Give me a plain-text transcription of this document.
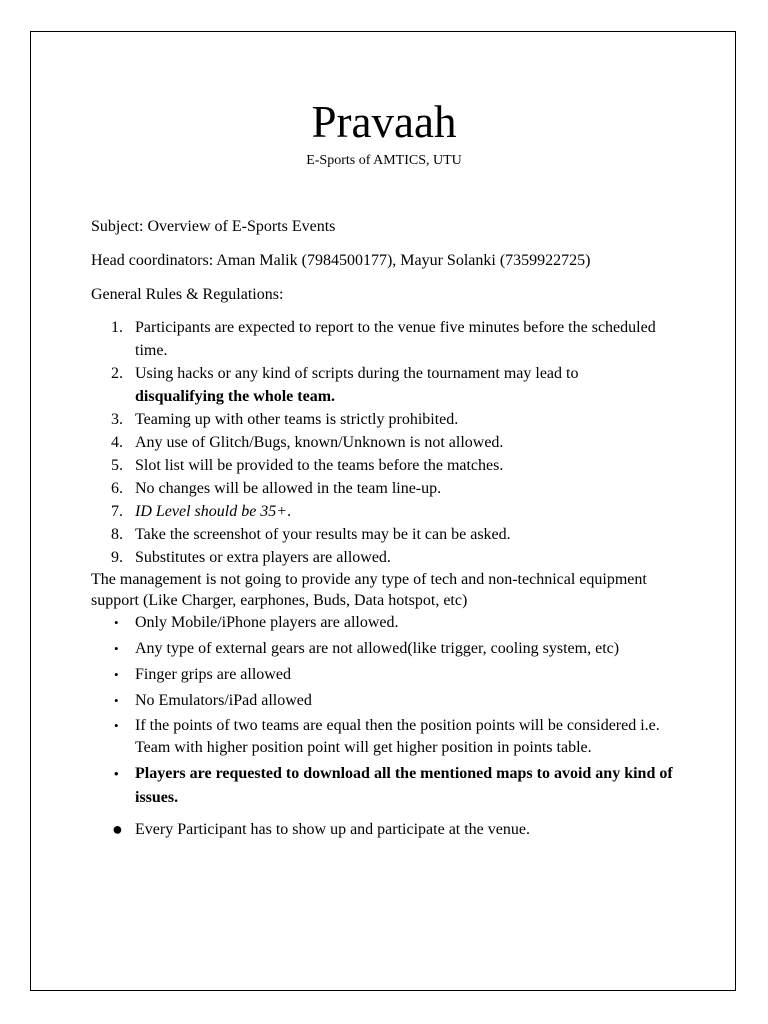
Pravaah
E-Sports of AMTICS, UTU

Subject: Overview of E-Sports Events

Head coordinators: Aman Malik (7984500177), Mayur Solanki (7359922725)

General Rules & Regulations:

1. Participants are expected to report to the venue five minutes before the scheduled time.
2. Using hacks or any kind of scripts during the tournament may lead to
disqualifying the whole team.
3. Teaming up with other teams is strictly prohibited.
4. Any use of Glitch/Bugs, known/Unknown is not allowed.
5. Slot list will be provided to the teams before the matches.
6. No changes will be allowed in the team line-up.
7. ID Level should be 35+.
8. Take the screenshot of your results may be it can be asked.
9. Substitutes or extra players are allowed.

The management is not going to provide any type of tech and non-technical equipment support (Like Charger, earphones, Buds, Data hotspot, etc)

• Only Mobile/iPhone players are allowed.
• Any type of external gears are not allowed(like trigger, cooling system, etc)
• Finger grips are allowed
• No Emulators/iPad allowed
• If the points of two teams are equal then the position points will be considered i.e. Team with higher position point will get higher position in points table.
• Players are requested to download all the mentioned maps to avoid any kind of issues.
● Every Participant has to show up and participate at the venue.
